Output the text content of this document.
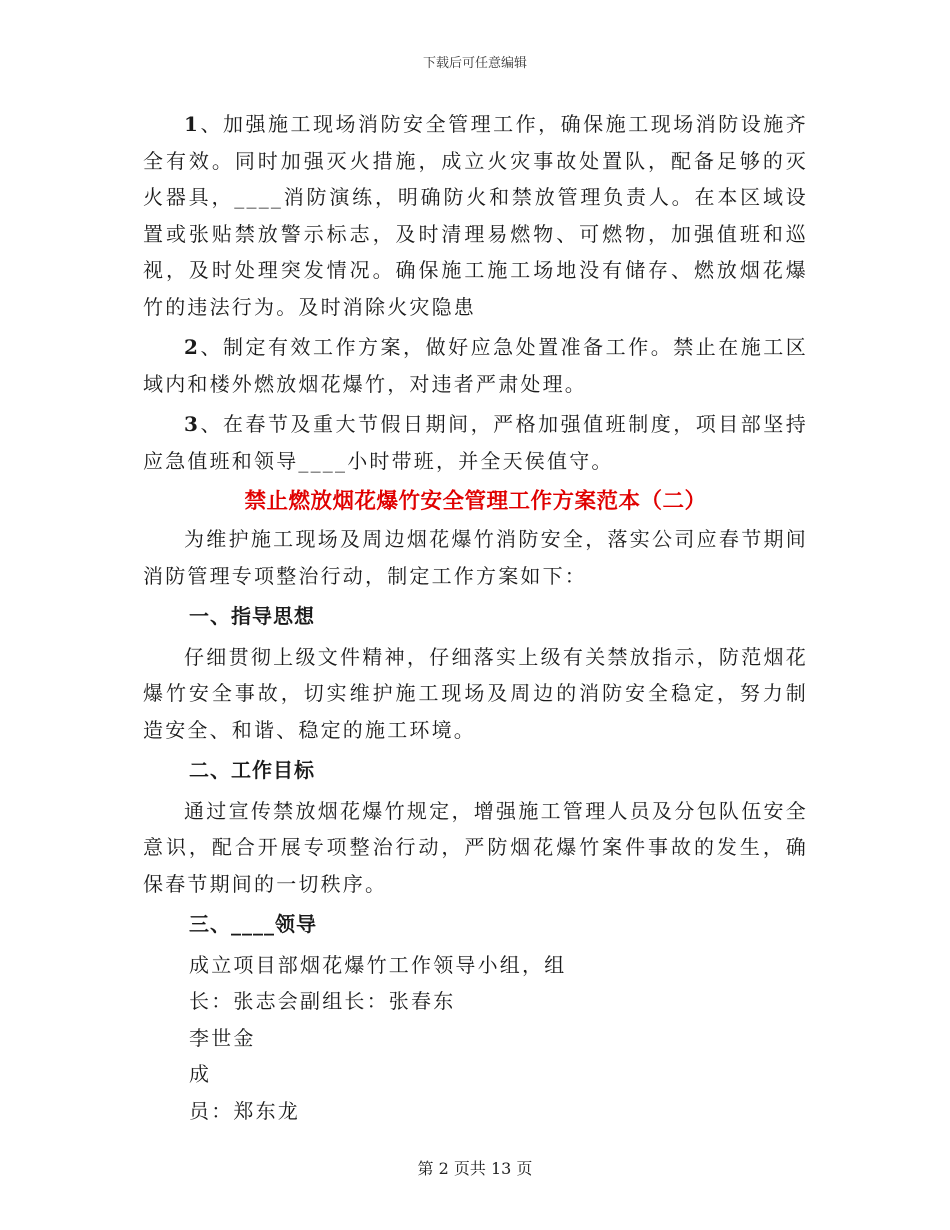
下载后可任意编辑

1、加强施工现场消防安全管理工作，确保施工现场消防设施齐全有效。同时加强灭火措施，成立火灾事故处置队，配备足够的灭火器具，____消防演练，明确防火和禁放管理负责人。在本区域设置或张贴禁放警示标志，及时清理易燃物、可燃物，加强值班和巡视，及时处理突发情况。确保施工施工场地没有储存、燃放烟花爆竹的违法行为。及时消除火灾隐患

2、制定有效工作方案，做好应急处置准备工作。禁止在施工区域内和楼外燃放烟花爆竹，对违者严肃处理。

3、在春节及重大节假日期间，严格加强值班制度，项目部坚持应急值班和领导____小时带班，并全天侯值守。

禁止燃放烟花爆竹安全管理工作方案范本（二）

为维护施工现场及周边烟花爆竹消防安全，落实公司应春节期间消防管理专项整治行动，制定工作方案如下：

一、指导思想

仔细贯彻上级文件精神，仔细落实上级有关禁放指示，防范烟花爆竹安全事故，切实维护施工现场及周边的消防安全稳定，努力制造安全、和谐、稳定的施工环境。

二、工作目标

通过宣传禁放烟花爆竹规定，增强施工管理人员及分包队伍安全意识，配合开展专项整治行动，严防烟花爆竹案件事故的发生，确保春节期间的一切秩序。

三、____领导

成立项目部烟花爆竹工作领导小组，组

长：张志会副组长：张春东

李世金

成

员：郑东龙

第 2 页共 13 页
